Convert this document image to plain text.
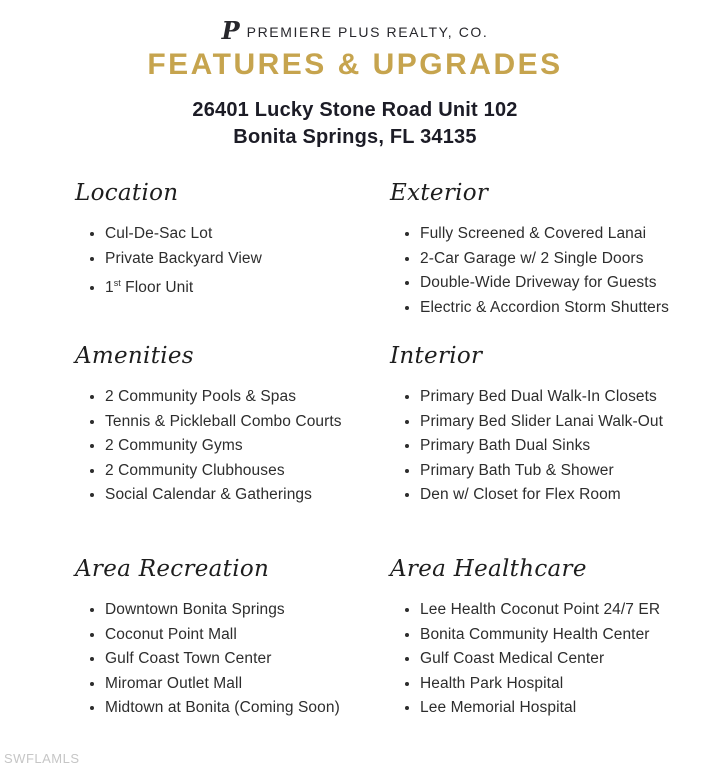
PPREMIERE PLUS REALTY, CO.
FEATURES & UPGRADES
26401 Lucky Stone Road Unit 102
Bonita Springs, FL 34135
Location
• Cul-De-Sac Lot
• Private Backyard View
• 1st Floor Unit
Amenities
• 2 Community Pools & Spas
• Tennis & Pickleball Combo Courts
• 2 Community Gyms
• 2 Community Clubhouses
• Social Calendar & Gatherings
Area Recreation
• Downtown Bonita Springs
• Coconut Point Mall
• Gulf Coast Town Center
• Miromar Outlet Mall
• Midtown at Bonita (Coming Soon)
Exterior
• Fully Screened & Covered Lanai
• 2-Car Garage w/ 2 Single Doors
• Double-Wide Driveway for Guests
• Electric & Accordion Storm Shutters
Interior
• Primary Bed Dual Walk-In Closets
• Primary Bed Slider Lanai Walk-Out
• Primary Bath Dual Sinks
• Primary Bath Tub & Shower
• Den w/ Closet for Flex Room
Area Healthcare
• Lee Health Coconut Point 24/7 ER
• Bonita Community Health Center
• Gulf Coast Medical Center
• Health Park Hospital
• Lee Memorial Hospital
SWFLAMLS
